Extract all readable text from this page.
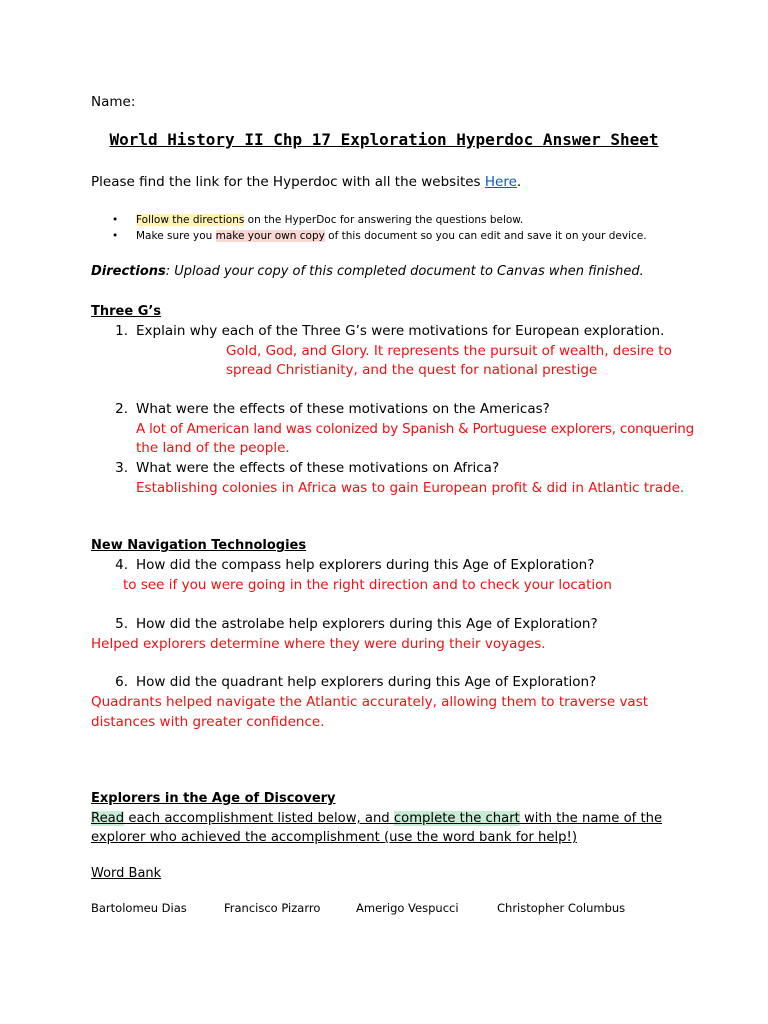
Name:
World History II Chp 17 Exploration Hyperdoc Answer Sheet
Please find the link for the Hyperdoc with all the websites Here.
• Follow the directions on the HyperDoc for answering the questions below.
• Make sure you make your own copy of this document so you can edit and save it on your device.
Directions: Upload your copy of this completed document to Canvas when finished.
Three G’s
1. Explain why each of the Three G’s were motivations for European exploration.
Gold, God, and Glory. It represents the pursuit of wealth, desire to
spread Christianity, and the quest for national prestige
2. What were the effects of these motivations on the Americas?
A lot of American land was colonized by Spanish & Portuguese explorers, conquering
the land of the people.
3. What were the effects of these motivations on Africa?
Establishing colonies in Africa was to gain European profit & did in Atlantic trade.
New Navigation Technologies
4. How did the compass help explorers during this Age of Exploration?
to see if you were going in the right direction and to check your location
5. How did the astrolabe help explorers during this Age of Exploration?
Helped explorers determine where they were during their voyages.
6. How did the quadrant help explorers during this Age of Exploration?
Quadrants helped navigate the Atlantic accurately, allowing them to traverse vast
distances with greater confidence.
Explorers in the Age of Discovery
Read each accomplishment listed below, and complete the chart with the name of the
explorer who achieved the accomplishment (use the word bank for help!)
Word Bank
Bartolomeu Dias	Francisco Pizarro	Amerigo Vespucci	Christopher Columbus
